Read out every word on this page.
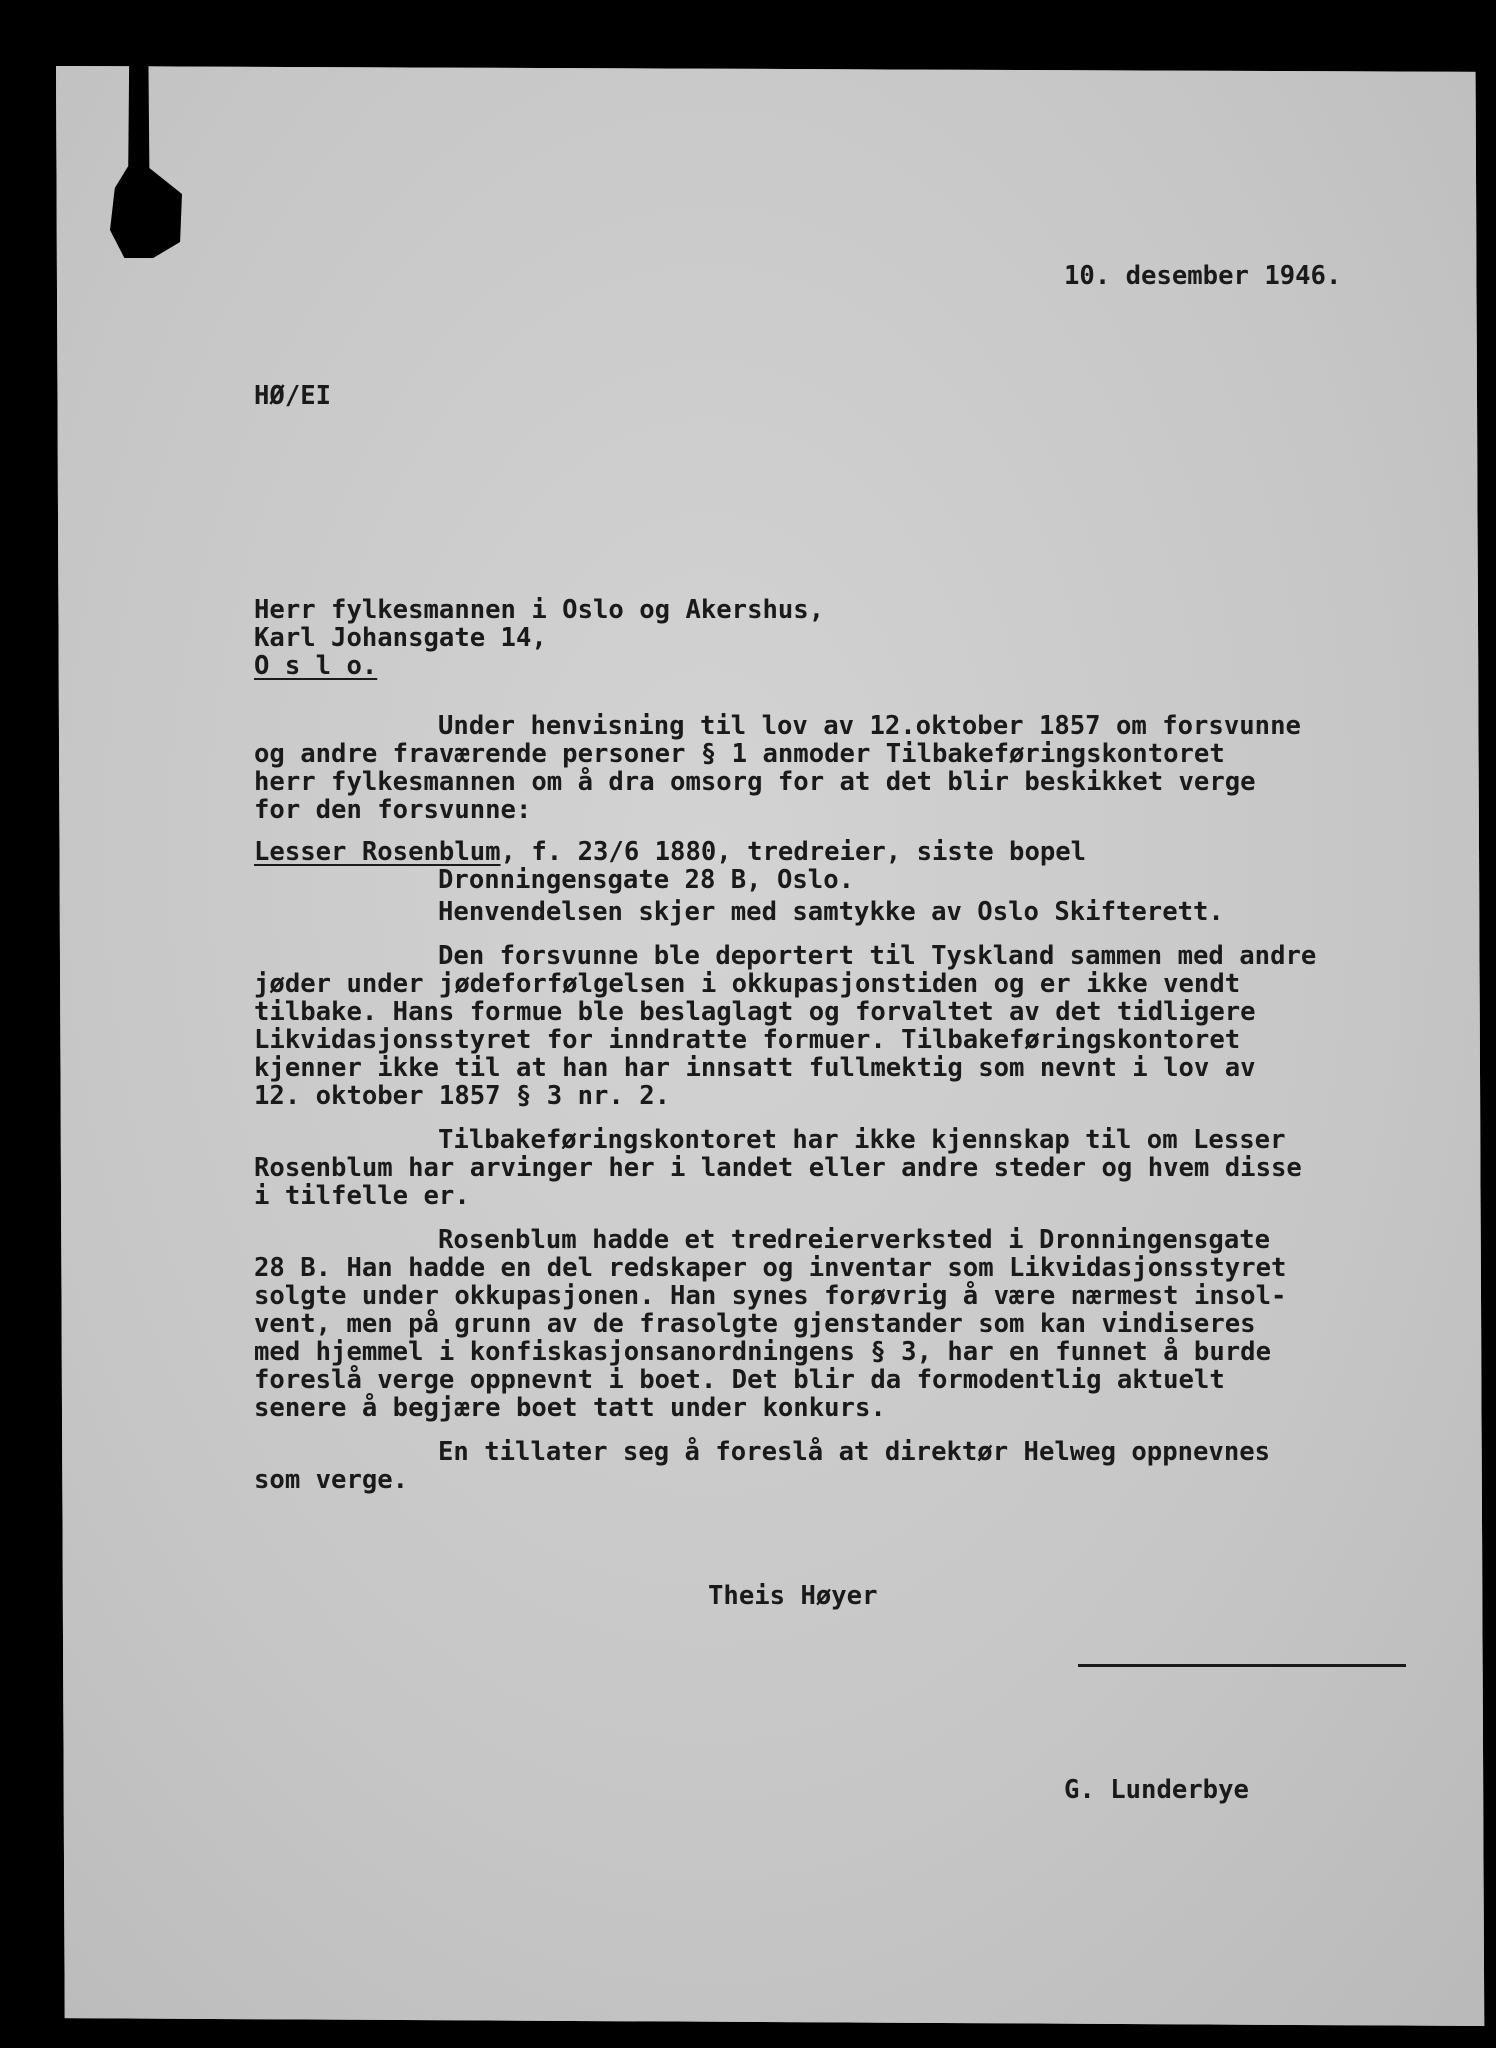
10. desember 1946.
HØ/EI
Herr fylkesmannen i Oslo og Akershus,
Karl Johansgate 14,
O s l o.
Under henvisning til lov av 12.oktober 1857 om forsvunne
og andre fraværende personer § 1 anmoder Tilbakeføringskontoret
herr fylkesmannen om å dra omsorg for at det blir beskikket verge
for den forsvunne:
Lesser Rosenblum, f. 23/6 1880, tredreier, siste bopel
Dronningensgate 28 B, Oslo.
Henvendelsen skjer med samtykke av Oslo Skifterett.
Den forsvunne ble deportert til Tyskland sammen med andre
jøder under jødeforfølgelsen i okkupasjonstiden og er ikke vendt
tilbake. Hans formue ble beslaglagt og forvaltet av det tidligere
Likvidasjonsstyret for inndratte formuer. Tilbakeføringskontoret
kjenner ikke til at han har innsatt fullmektig som nevnt i lov av
12. oktober 1857 § 3 nr. 2.
Tilbakeføringskontoret har ikke kjennskap til om Lesser
Rosenblum har arvinger her i landet eller andre steder og hvem disse
i tilfelle er.
Rosenblum hadde et tredreierverksted i Dronningensgate
28 B. Han hadde en del redskaper og inventar som Likvidasjonsstyret
solgte under okkupasjonen. Han synes forøvrig å være nærmest insol-
vent, men på grunn av de frasolgte gjenstander som kan vindiseres
med hjemmel i konfiskasjonsanordningens § 3, har en funnet å burde
foreslå verge oppnevnt i boet. Det blir da formodentlig aktuelt
senere å begjære boet tatt under konkurs.
En tillater seg å foreslå at direktør Helweg oppnevnes
som verge.
Theis Høyer
G. Lunderbye
